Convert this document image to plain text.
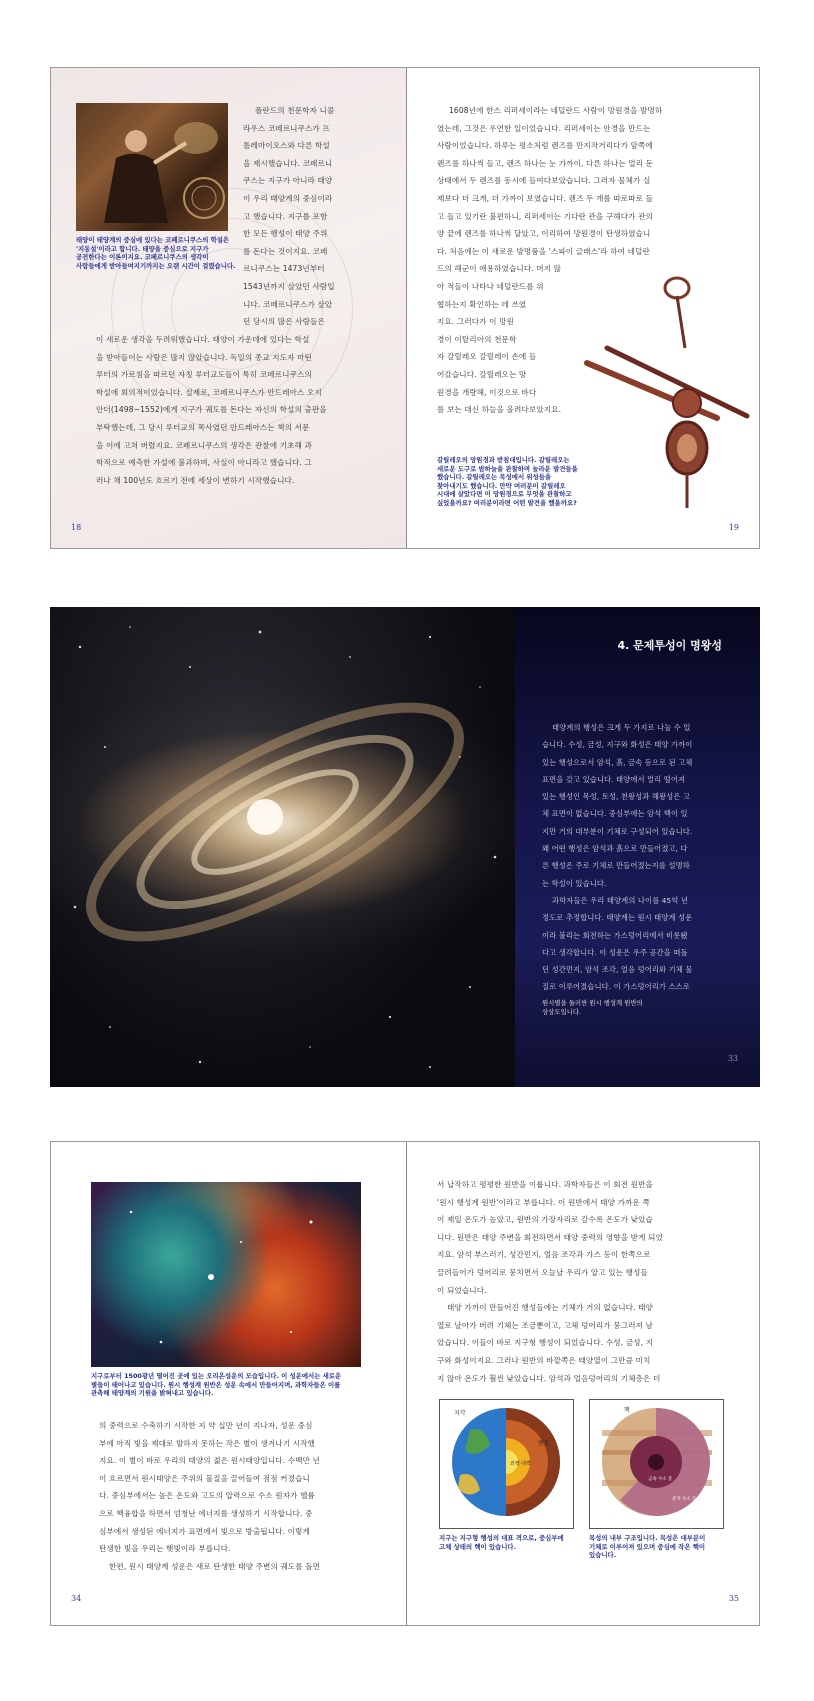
태양이 태양계의 중심에 있다는 코페르니쿠스의 학설은 '지동설'이라고 합니다. 태양을 중심으로 지구가 공전한다는 이론이지요. 코페르니쿠스의 생각이 사람들에게 받아들여지기까지는 오랜 시간이 걸렸습니다.
폴란드의 천문학자 니콜
라우스 코페르니쿠스가 프
톨레마이오스와 다른 학설
을 제시했습니다. 코페르니
쿠스는 지구가 아니라 태양
이 우리 태양계의 중심이라
고 했습니다. 지구를 포함
한 모든 행성이 태양 주위
를 돈다는 것이지요. 코페
르니쿠스는 1473년부터
1543년까지 살았던 사람입
니다. 코페르니쿠스가 살았
던 당시의 많은 사람들은
이 새로운 생각을 두려워했습니다. 태양이 가운데에 있다는 학설
을 받아들이는 사람은 많지 않았습니다. 독일의 종교 지도자 마틴
루터의 가르침을 따르던 자칭 루터교도들이 특히 코페르니쿠스의
학설에 회의적이었습니다. 실제로, 코페르니쿠스가 안드레아스 오지
안더(1498~1552)에게 지구가 궤도를 돈다는 자신의 학설의 출판을
부탁했는데, 그 당시 루터교의 목사였던 안드레아스는 책의 서문
을 이에 고쳐 버렸지요. 코페르니쿠스의 생각은 관찰에 기초해 과
학적으로 예측한 가설에 불과하며, 사실이 아니라고 했습니다. 그
러나 채 100년도 흐르기 전에 세상이 변하기 시작했습니다.
18
1608년에 한스 리퍼세이라는 네덜란드 사람이 망원경을 발명하
였는데, 그것은 우연한 일이었습니다. 리퍼세이는 안경을 만드는
사람이었습니다. 하루는 평소처럼 렌즈를 만지작거리다가 앞쪽에
렌즈를 하나씩 들고, 렌즈 하나는 눈 가까이, 다른 하나는 멀리 둔
상태에서 두 렌즈를 동시에 들여다보았습니다. 그러자 물체가 실
제보다 더 크게, 더 가까이 보였습니다. 렌즈 두 개를 따로따로 들
고 들고 있기란 불편하니, 리퍼세이는 기다란 관을 구해다가 관의
양 끝에 렌즈를 하나씩 달았고, 이리하여 망원경이 탄생하였습니
다. 처음에는 이 새로운 발명품을 '스파이 글래스'라 하여 네덜란
드의 해군이 애용하였습니다. 머지 않
아 적들이 나타나 네덜란드를 위
협하는지 확인하는 데 쓰였
지요. 그러다가 이 망원
경이 이탈리아의 천문학
자 갈릴레오 갈릴레이 손에 들
어갔습니다. 갈릴레오는 망
원경을 개량해, 이것으로 바다
를 보는 대신 하늘을 올려다보았지요.
갈릴레오의 망원경과 받침대입니다. 갈릴레오는 새로운 도구로 밤하늘을 관찰하며 놀라운 발견들을 했습니다. 갈릴레오는 목성에서 위성들을 찾아내기도 했습니다. 만약 여러분이 갈릴레오 시대에 살았다면 이 망원경으로 무엇을 관찰하고 싶었을까요? 여러분이라면 어떤 발견을 했을까요?
19
4. 문제투성이 명왕성
태양계의 행성은 크게 두 가지로 나눌 수 있
습니다. 수성, 금성, 지구와 화성은 태양 가까이
있는 행성으로서 암석, 흙, 금속 등으로 된 고체
표면을 갖고 있습니다. 태양에서 멀리 떨어져
있는 행성인 목성, 토성, 천왕성과 해왕성은 고
체 표면이 없습니다. 중심부에는 암석 핵이 있
지만 거의 대부분이 기체로 구성되어 있습니다.
왜 어떤 행성은 암석과 흙으로 만들어졌고, 다
른 행성은 주로 기체로 만들어졌는지를 설명하
는 학설이 있습니다.
과학자들은 우리 태양계의 나이를 45억 년
정도로 추정합니다. 태양계는 원시 태양계 성운
이라 불리는 회전하는 가스덩어리에서 비롯됐
다고 생각합니다. 이 성운은 우주 공간을 떠돌
던 성간먼지, 암석 조각, 얼음 덩어리와 기체 물
질로 이루어졌습니다. 이 가스덩어리가 스스로
원시별을 둘러싼 원시 행성계 원반의 상상도입니다.
33
지구로부터 1500광년 떨어진 곳에 있는 오리온성운의 모습입니다. 이 성운에서는 새로운 별들이 태어나고 있습니다. 원시 행성계 원반은 성운 속에서 만들어지며, 과학자들은 이를 관측해 태양계의 기원을 밝혀내고 있습니다.
의 중력으로 수축하기 시작한 지 약 십만 년이 지나자, 성운 중심
부에 아직 빛을 제대로 발하지 못하는 작은 별이 생겨나기 시작했
지요. 이 별이 바로 우리의 태양의 젊은 원시태양입니다. 수백만 년
이 흐르면서 원시태양은 주위의 물질을 끌어들여 점점 커졌습니
다. 중심부에서는 높은 온도와 고도의 압력으로 수소 원자가 헬륨
으로 핵융합을 하면서 엄청난 에너지를 생성하기 시작합니다. 중
심부에서 생성된 에너지가 표면에서 빛으로 방출됩니다. 이렇게
탄생한 빛을 우리는 햇빛이라 부릅니다.
한편, 원시 태양계 성운은 새로 탄생한 태양 주변의 궤도를 돌면
34
서 납작하고 평평한 원반을 이룹니다. 과학자들은 이 회전 원반을
'원시 행성계 원반'이라고 부릅니다. 이 원반에서 태양 가까운 쪽
이 제일 온도가 높았고, 원반의 가장자리로 갈수록 온도가 낮았습
니다. 원반은 태양 주변을 회전하면서 태양 중력의 영향을 받게 되었
지요. 암석 부스러기, 성간먼지, 얼음 조각과 가스 등이 한쪽으로
끌려들어가 덩어리로 뭉치면서 오늘날 우리가 알고 있는 행성들
이 되었습니다.
태양 가까이 만들어진 행성들에는 기체가 거의 없습니다. 태양
열로 날아가 버려 기체는 조금뿐이고, 고체 덩어리가 뭉그러져 남
았습니다. 이들이 바로 지구형 행성이 되었습니다. 수성, 금성, 지
구와 화성이지요. 그러나 원반의 바깥쪽은 태양열이 그만큼 미치
지 않아 온도가 훨씬 낮았습니다. 암석과 얼음덩어리의 기체층은 더
지각
맨틀
외핵 내핵
핵
금속 수소 층
분자 수소 층
지구는 지구형 행성의 대표 격으로, 중심부에 고체 상태의 핵이 있습니다.
목성의 내부 구조입니다. 목성은 대부분이 기체로 이루어져 있으며 중심에 작은 핵이 있습니다.
35
